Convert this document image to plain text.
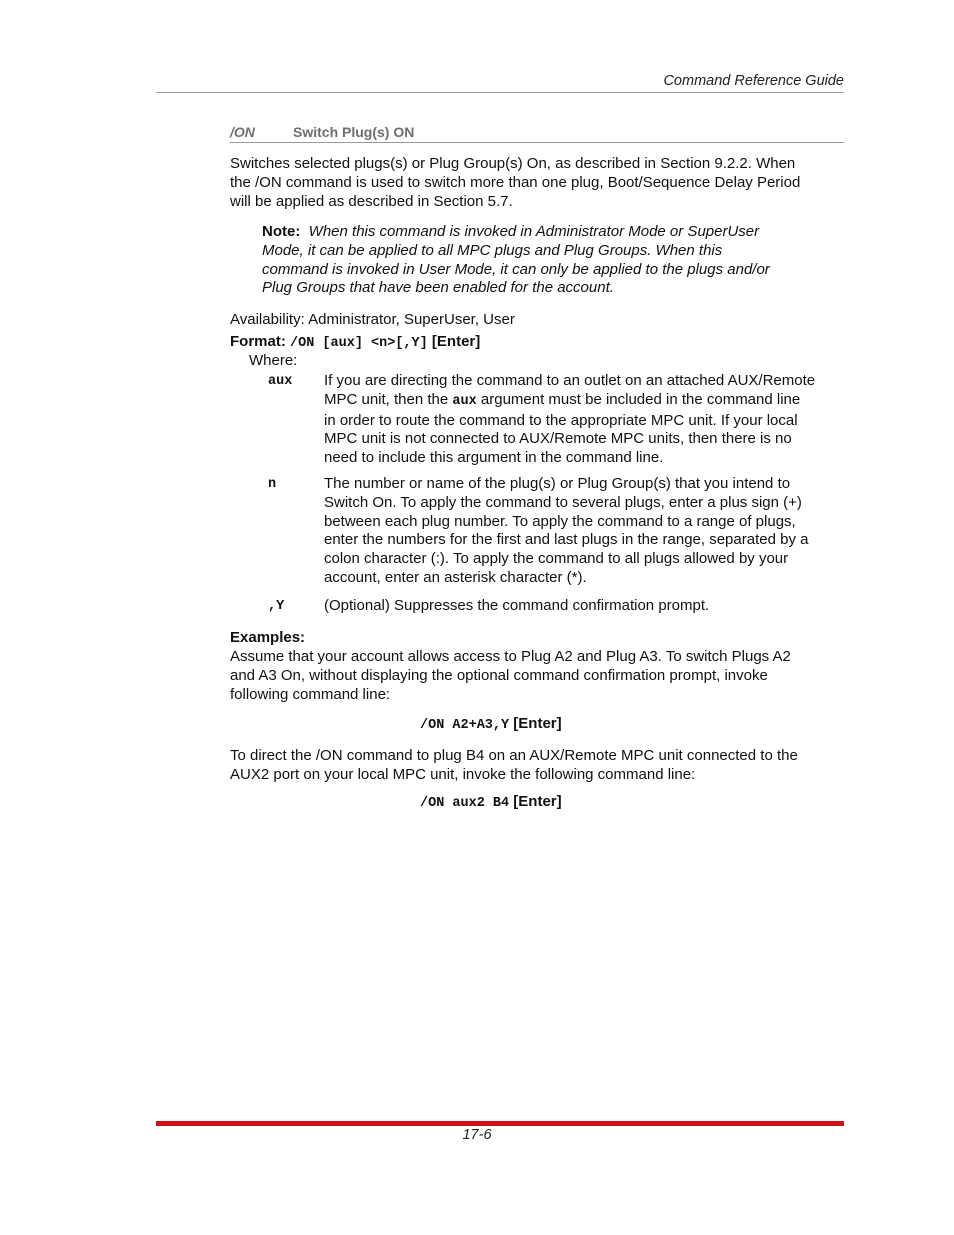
Command Reference Guide
/ON	Switch Plug(s) ON
Switches selected plugs(s) or Plug Group(s) On, as described in Section 9.2.2. When
the /ON command is used to switch more than one plug, Boot/Sequence Delay Period
will be applied as described in Section 5.7.
Note: When this command is invoked in Administrator Mode or SuperUser
Mode, it can be applied to all MPC plugs and Plug Groups. When this
command is invoked in User Mode, it can only be applied to the plugs and/or
Plug Groups that have been enabled for the account.
Availability: Administrator, SuperUser, User
Format: /ON [aux] <n>[,Y] [Enter]
Where:
aux If you are directing the command to an outlet on an attached AUX/Remote
MPC unit, then the aux argument must be included in the command line
in order to route the command to the appropriate MPC unit. If your local
MPC unit is not connected to AUX/Remote MPC units, then there is no
need to include this argument in the command line.
n	The number or name of the plug(s) or Plug Group(s) that you intend to
Switch On. To apply the command to several plugs, enter a plus sign (+)
between each plug number. To apply the command to a range of plugs,
enter the numbers for the first and last plugs in the range, separated by a
colon character (:). To apply the command to all plugs allowed by your
account, enter an asterisk character (*).
,Y	(Optional) Suppresses the command confirmation prompt.
Examples:
Assume that your account allows access to Plug A2 and Plug A3. To switch Plugs A2
and A3 On, without displaying the optional command confirmation prompt, invoke
following command line:
/ON A2+A3,Y [Enter]
To direct the /ON command to plug B4 on an AUX/Remote MPC unit connected to the
AUX2 port on your local MPC unit, invoke the following command line:
/ON aux2 B4 [Enter]
17-6
